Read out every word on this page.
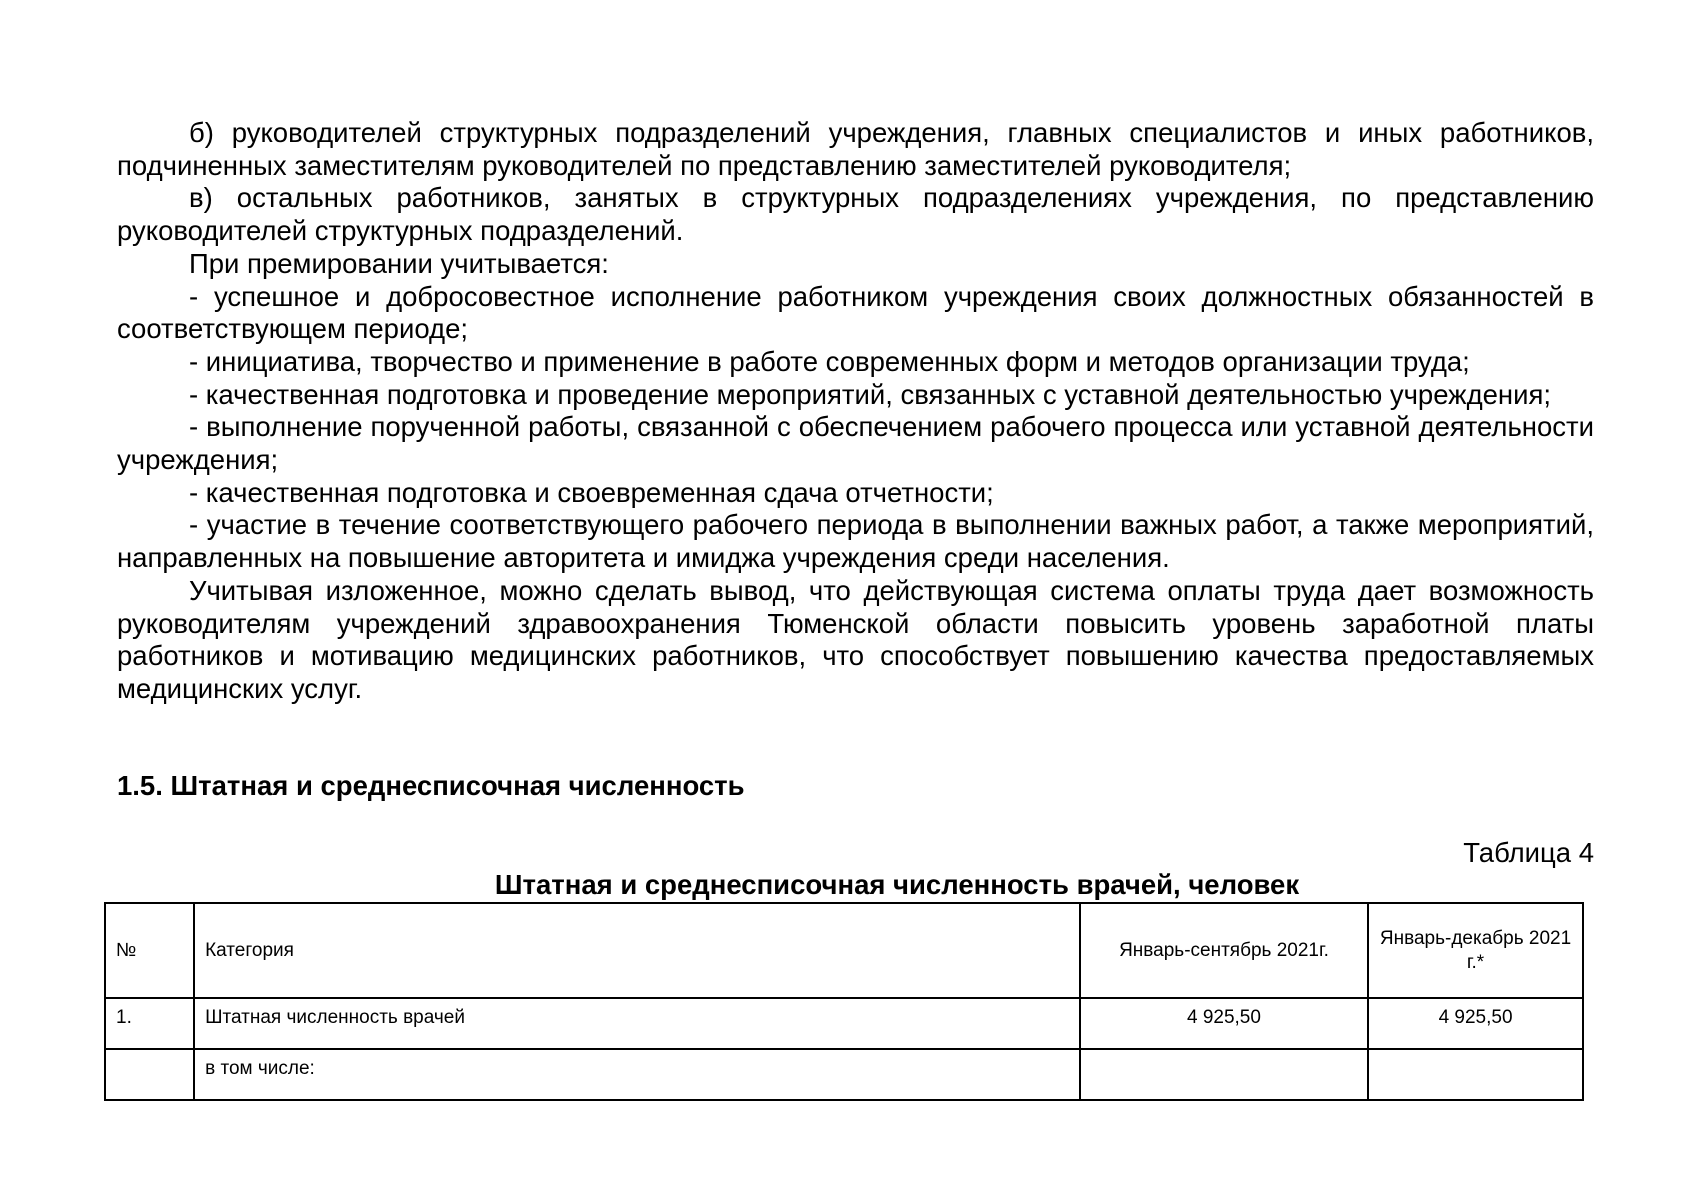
б) руководителей структурных подразделений учреждения, главных специалистов и иных работников, подчиненных заместителям руководителей по представлению заместителей руководителя;

в) остальных работников, занятых в структурных подразделениях учреждения, по представлению руководителей структурных подразделений.

При премировании учитывается:

- успешное и добросовестное исполнение работником учреждения своих должностных обязанностей в соответствующем периоде;

- инициатива, творчество и применение в работе современных форм и методов организации труда;

- качественная подготовка и проведение мероприятий, связанных с уставной деятельностью учреждения;

- выполнение порученной работы, связанной с обеспечением рабочего процесса или уставной деятельности учреждения;

- качественная подготовка и своевременная сдача отчетности;

- участие в течение соответствующего рабочего периода в выполнении важных работ, а также мероприятий, направленных на повышение авторитета и имиджа учреждения среди населения.

Учитывая изложенное, можно сделать вывод, что действующая система оплаты труда дает возможность руководителям учреждений здравоохранения Тюменской области повысить уровень заработной платы работников и мотивацию медицинских работников, что способствует повышению качества предоставляемых медицинских услуг.

1.5. Штатная и среднесписочная численность
Таблица 4
Штатная и среднесписочная численность врачей, человек
№	Категория	Январь-сентябрь 2021г.	Январь-декабрь 2021 г.*
1.	Штатная численность врачей	4 925,50	4 925,50
	в том числе:		
